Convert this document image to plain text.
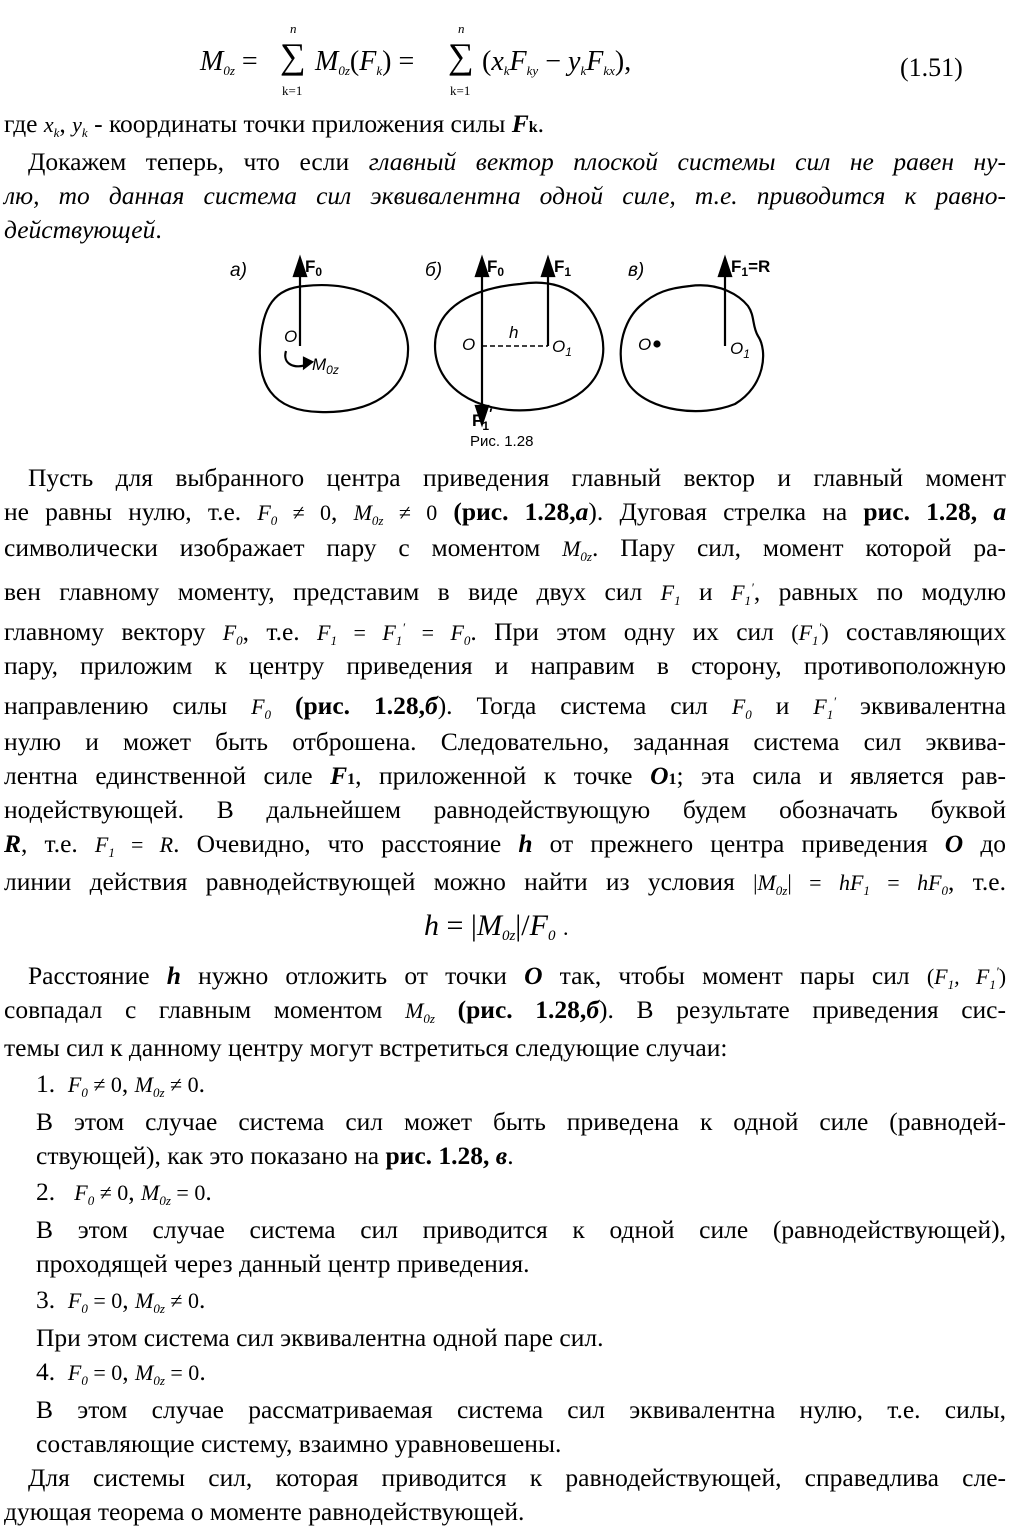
M0z =
n
∑
k=1
M0z(Fk) =
n
∑
k=1
(xkFky − ykFkx),	(1.51)
где xk, yk - координаты точки приложения силы Fk.
Докажем теперь, что если главный вектор плоской системы сил не равен ну-
лю, то данная система сил эквивалентна одной силе, т.е. приводится к равно-
действующей.
а)	$F_0$
O
$M_{0z}$
б)	$F_0$	$F_1$
$F_1'$
O	$O_1$
h
в)	$F_1=R$
O	$O_1$
Рис. 1.28
Пусть для выбранного центра приведения главный вектор и главный момент
не равны нулю, т.е. $F_0 \ne 0$, $M_{0z} \ne 0$ (рис. 1.28,а). Дуговая стрелка на рис. 1.28, а
символически изображает пару с моментом $M_{0z}$. Пару сил, момент которой ра-
вен главному моменту, представим в виде двух сил $F_1$ и $F_1'$, равных по модулю
главному вектору $F_0$, т.е. $F_1 = F_1' = F_0$. При этом одну их сил $(F_1')$ составляющих
пару, приложим к центру приведения и направим в сторону, противоположную
направлению силы $F_0$ (рис. 1.28,б). Тогда система сил $F_0$ и $F_1'$ эквивалентна
нулю и может быть отброшена. Следовательно, заданная система сил эквива-
лентна единственной силе F1, приложенной к точке O1; эта сила и является рав-
нодействующей. В дальнейшем равнодействующую будем обозначать буквой
R, т.е. $F_1 = R$. Очевидно, что расстояние h от прежнего центра приведения O до
линии действия равнодействующей можно найти из условия $|M_{0z}| = hF_1 = hF_0$, т.е.
h = |M0z|/F0 .
Расстояние h нужно отложить от точки O так, чтобы момент пары сил ($F_1$, $F_1'$)
совпадал с главным моментом $M_{0z}$ (рис. 1.28,б). В результате приведения сис-
темы сил к данному центру могут встретиться следующие случаи:
1. $F_0 \ne 0$, $M_{0z} \ne 0$.
В этом случае система сил может быть приведена к одной силе (равнодей-
ствующей), как это показано на рис. 1.28, в.
2. $F_0 \ne 0$, $M_{0z} = 0$.
В этом случае система сил приводится к одной силе (равнодействующей),
проходящей через данный центр приведения.
3. $F_0 = 0$, $M_{0z} \ne 0$.
При этом система сил эквивалентна одной паре сил.
4. $F_0 = 0$, $M_{0z} = 0$.
В этом случае рассматриваемая система сил эквивалентна нулю, т.е. силы,
составляющие систему, взаимно уравновешены.
Для системы сил, которая приводится к равнодействующей, справедлива сле-
дующая теорема о моменте равнодействующей.
